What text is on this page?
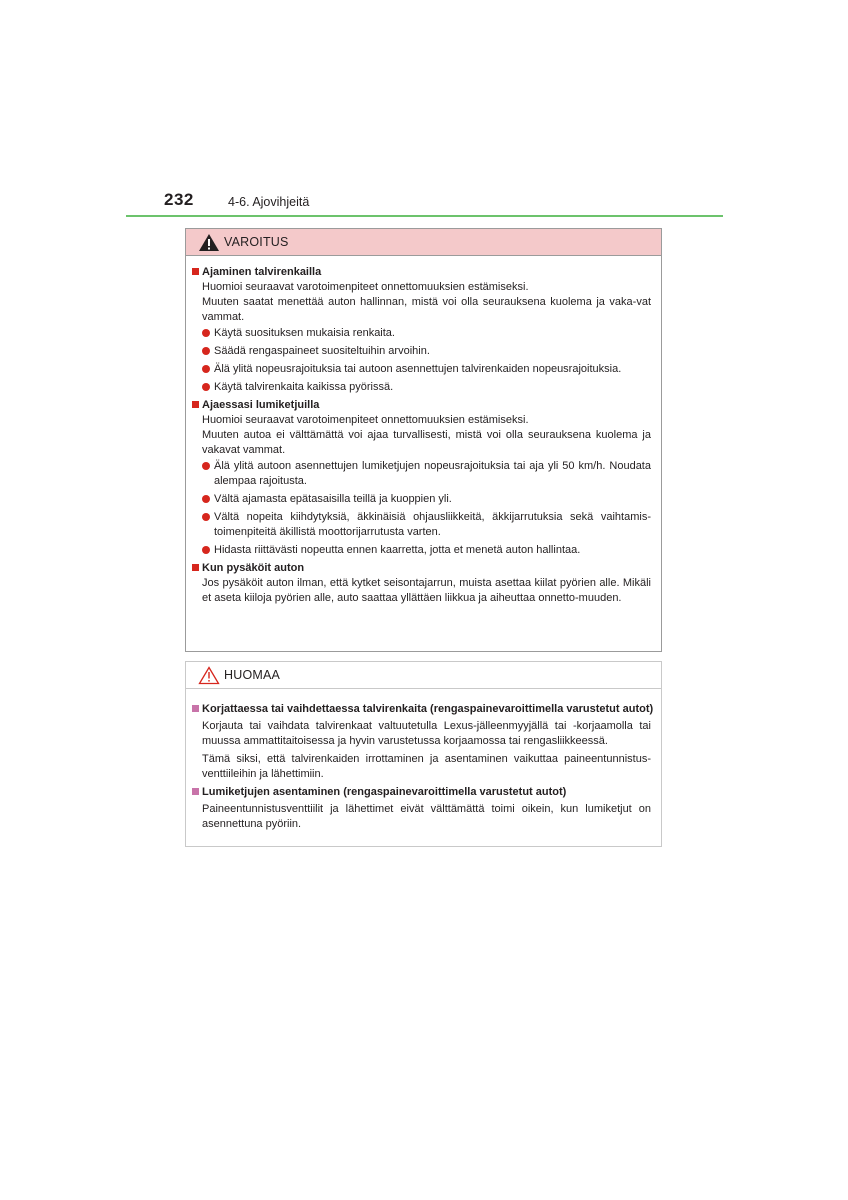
232	4-6. Ajovihjeitä
VAROITUS
Ajaminen talvirenkailla
Huomioi seuraavat varotoimenpiteet onnettomuuksien estämiseksi.
Muuten saatat menettää auton hallinnan, mistä voi olla seurauksena kuolema ja vaka-vat vammat.
Käytä suosituksen mukaisia renkaita.
Säädä rengaspaineet suositeltuihin arvoihin.
Älä ylitä nopeusrajoituksia tai autoon asennettujen talvirenkaiden nopeusrajoituksia.
Käytä talvirenkaita kaikissa pyörissä.
Ajaessasi lumiketjuilla
Huomioi seuraavat varotoimenpiteet onnettomuuksien estämiseksi.
Muuten autoa ei välttämättä voi ajaa turvallisesti, mistä voi olla seurauksena kuolema ja vakavat vammat.
Älä ylitä autoon asennettujen lumiketjujen nopeusrajoituksia tai aja yli 50 km/h. Noudata alempaa rajoitusta.
Vältä ajamasta epätasaisilla teillä ja kuoppien yli.
Vältä nopeita kiihdytyksiä, äkkinäisiä ohjausliikkeitä, äkkijarrutuksia sekä vaihtamis-toimenpiteitä äkillistä moottorijarrutusta varten.
Hidasta riittävästi nopeutta ennen kaarretta, jotta et menetä auton hallintaa.
Kun pysäköit auton
Jos pysäköit auton ilman, että kytket seisontajarrun, muista asettaa kiilat pyörien alle. Mikäli et aseta kiiloja pyörien alle, auto saattaa yllättäen liikkua ja aiheuttaa onnetto-muuden.
HUOMAA
Korjattaessa tai vaihdettaessa talvirenkaita (rengaspainevaroittimella varustetut autot)
Korjauta tai vaihdata talvirenkaat valtuutetulla Lexus-jälleenmyyjällä tai -korjaamolla tai muussa ammattitaitoisessa ja hyvin varustetussa korjaamossa tai rengasliikkeessä.
Tämä siksi, että talvirenkaiden irrottaminen ja asentaminen vaikuttaa paineentunnistus-venttiileihin ja lähettimiin.
Lumiketjujen asentaminen (rengaspainevaroittimella varustetut autot)
Paineentunnistusventtiilit ja lähettimet eivät välttämättä toimi oikein, kun lumiketjut on asennettuna pyöriin.
